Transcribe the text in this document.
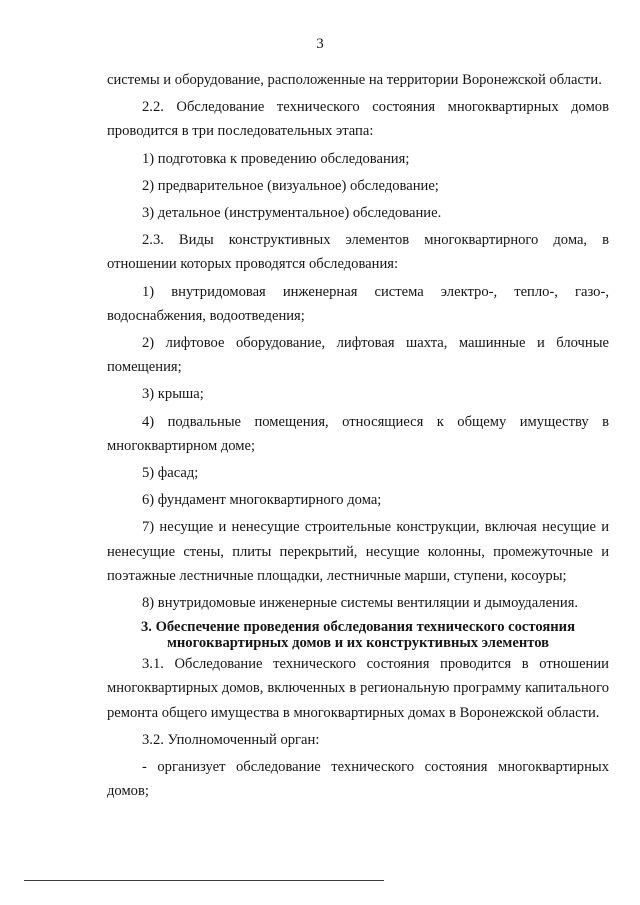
3

системы и оборудование, расположенные на территории Воронежской области.

2.2. Обследование технического состояния многоквартирных домов проводится в три последовательных этапа:

1) подготовка к проведению обследования;

2) предварительное (визуальное) обследование;

3) детальное (инструментальное) обследование.

2.3. Виды конструктивных элементов многоквартирного дома, в отношении которых проводятся обследования:

1) внутридомовая инженерная система электро-, тепло-, газо-, водоснабжения, водоотведения;

2) лифтовое оборудование, лифтовая шахта, машинные и блочные помещения;

3) крыша;

4) подвальные помещения, относящиеся к общему имуществу в многоквартирном доме;

5) фасад;

6) фундамент многоквартирного дома;

7) несущие и ненесущие строительные конструкции, включая несущие и ненесущие стены, плиты перекрытий, несущие колонны, промежуточные и поэтажные лестничные площадки, лестничные марши, ступени, косоуры;

8) внутридомовые инженерные системы вентиляции и дымоудаления.

3. Обеспечение проведения обследования технического состояния
многоквартирных домов и их конструктивных элементов

3.1. Обследование технического состояния проводится в отношении многоквартирных домов, включенных в региональную программу капитального ремонта общего имущества в многоквартирных домах в Воронежской области.

3.2. Уполномоченный орган:

- организует обследование технического состояния многоквартирных домов;
